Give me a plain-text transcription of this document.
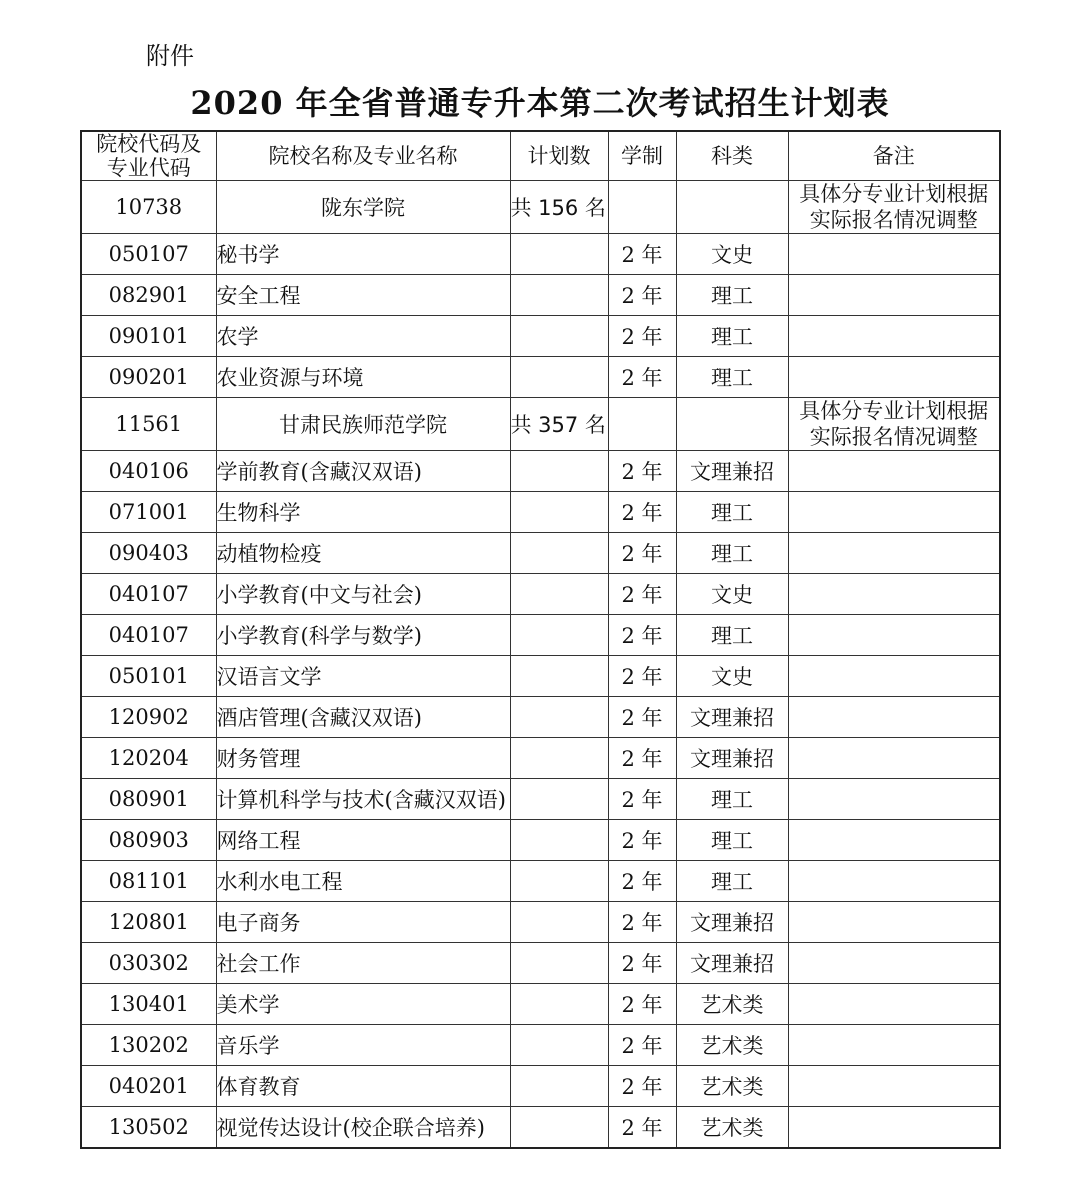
附件
2020 年全省普通专升本第二次考试招生计划表
院校代码及
专业代码	院校名称及专业名称	计划数	学制	科类	备注
10738	陇东学院	共 156 名			具体分专业计划根据
实际报名情况调整

050107	秘书学		2 年	文史	
082901	安全工程		2 年	理工	
090101	农学		2 年	理工	
090201	农业资源与环境		2 年	理工	
11561	甘肃民族师范学院	共 357 名			具体分专业计划根据
实际报名情况调整

040106	学前教育(含藏汉双语)		2 年	文理兼招	
071001	生物科学		2 年	理工	
090403	动植物检疫		2 年	理工	
040107	小学教育(中文与社会)		2 年	文史	
040107	小学教育(科学与数学)		2 年	理工	
050101	汉语言文学		2 年	文史	
120902	酒店管理(含藏汉双语)		2 年	文理兼招	
120204	财务管理		2 年	文理兼招	
080901	计算机科学与技术(含藏汉双语)		2 年	理工	
080903	网络工程		2 年	理工	
081101	水利水电工程		2 年	理工	
120801	电子商务		2 年	文理兼招	
030302	社会工作		2 年	文理兼招	
130401	美术学		2 年	艺术类	
130202	音乐学		2 年	艺术类	
040201	体育教育		2 年	艺术类	
130502	视觉传达设计(校企联合培养)		2 年	艺术类	
